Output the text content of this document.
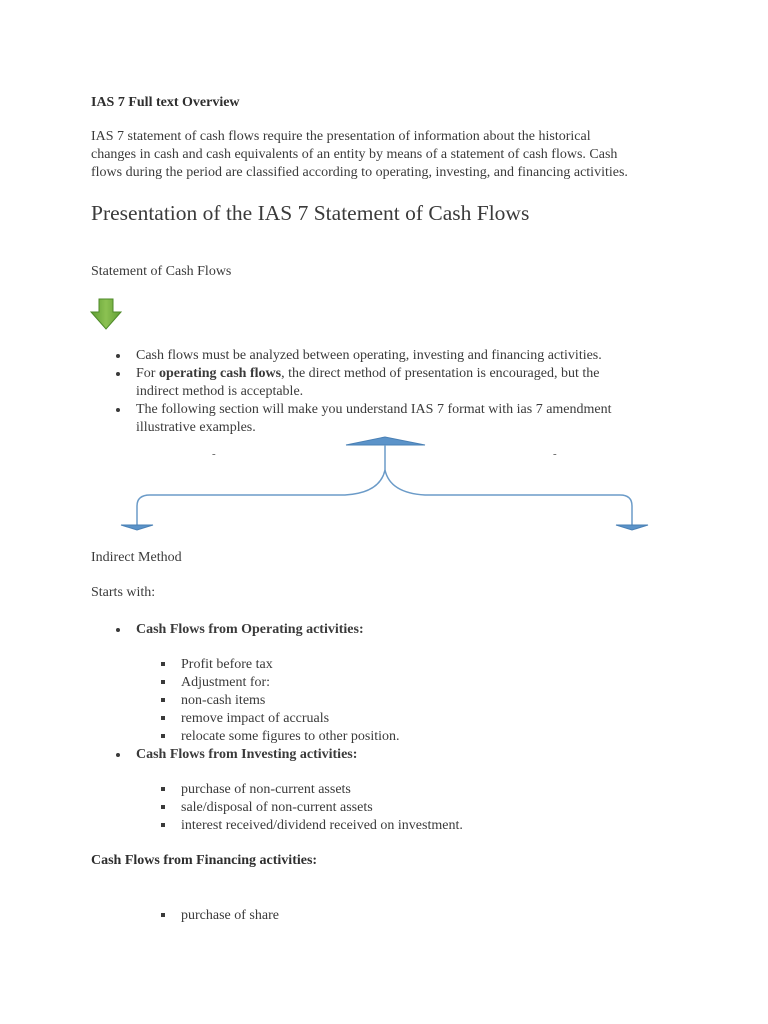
IAS 7 Full text Overview
IAS 7 statement of cash flows require the presentation of information about the historical
changes in cash and cash equivalents of an entity by means of a statement of cash flows. Cash
flows during the period are classified according to operating, investing, and financing activities.
Presentation of the IAS 7 Statement of Cash Flows
Statement of Cash Flows
Cash flows must be analyzed between operating, investing and financing activities.
For operating cash flows, the direct method of presentation is encouraged, but the
indirect method is acceptable.
The following section will make you understand IAS 7 format with ias 7 amendment
illustrative examples.
-	-
Indirect Method
Starts with:
Cash Flows from Operating activities:
Profit before tax
Adjustment for:
non-cash items
remove impact of accruals
relocate some figures to other position.
Cash Flows from Investing activities:
purchase of non-current assets
sale/disposal of non-current assets
interest received/dividend received on investment.
Cash Flows from Financing activities:
purchase of share
